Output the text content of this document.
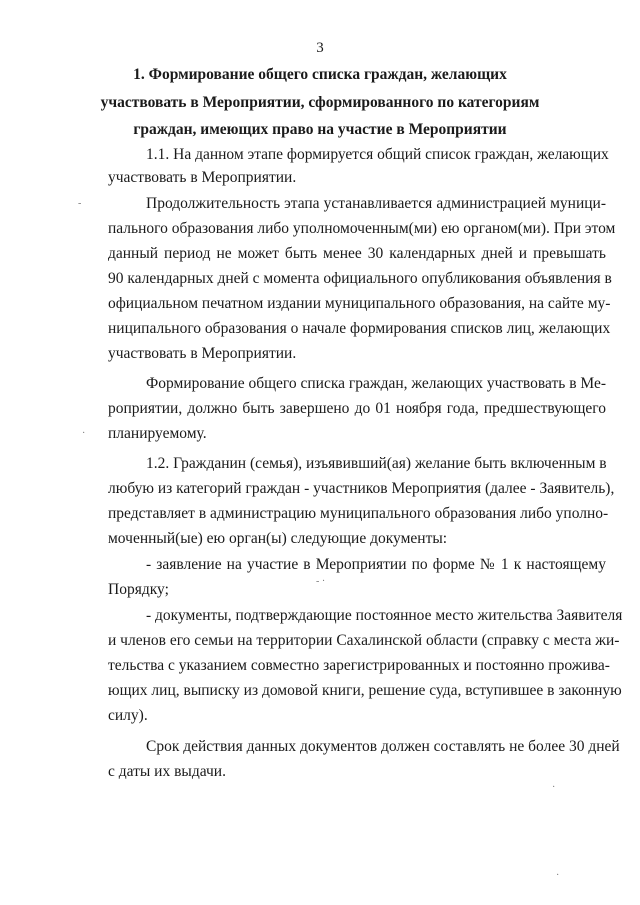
3
1. Формирование общего списка граждан, желающих
участвовать в Мероприятии, сформированного по категориям
граждан, имеющих право на участие в Мероприятии
1.1. На данном этапе формируется общий список граждан, желающих
участвовать в Мероприятии.
Продолжительность этапа устанавливается администрацией муници-
пального образования либо уполномоченным(ми) ею органом(ми). При этом
данный период не может быть менее 30 календарных дней и превышать
90 календарных дней с момента официального опубликования объявления в
официальном печатном издании муниципального образования, на сайте му-
ниципального образования о начале формирования списков лиц, желающих
участвовать в Мероприятии.
Формирование общего списка граждан, желающих участвовать в Ме-
роприятии, должно быть завершено до 01 ноября года, предшествующего
планируемому.
1.2. Гражданин (семья), изъявивший(ая) желание быть включенным в
любую из категорий граждан - участников Мероприятия (далее - Заявитель),
представляет в администрацию муниципального образования либо уполно-
моченный(ые) ею орган(ы) следующие документы:
- заявление на участие в Мероприятии по форме № 1 к настоящему
Порядку;
- документы, подтверждающие постоянное место жительства Заявителя
и членов его семьи на территории Сахалинской области (справку с места жи-
тельства с указанием совместно зарегистрированных и постоянно прожива-
ющих лиц, выписку из домовой книги, решение суда, вступившее в законную
силу).
Срок действия данных документов должен составлять не более 30 дней
с даты их выдачи.
-
·
- ·
·
·
